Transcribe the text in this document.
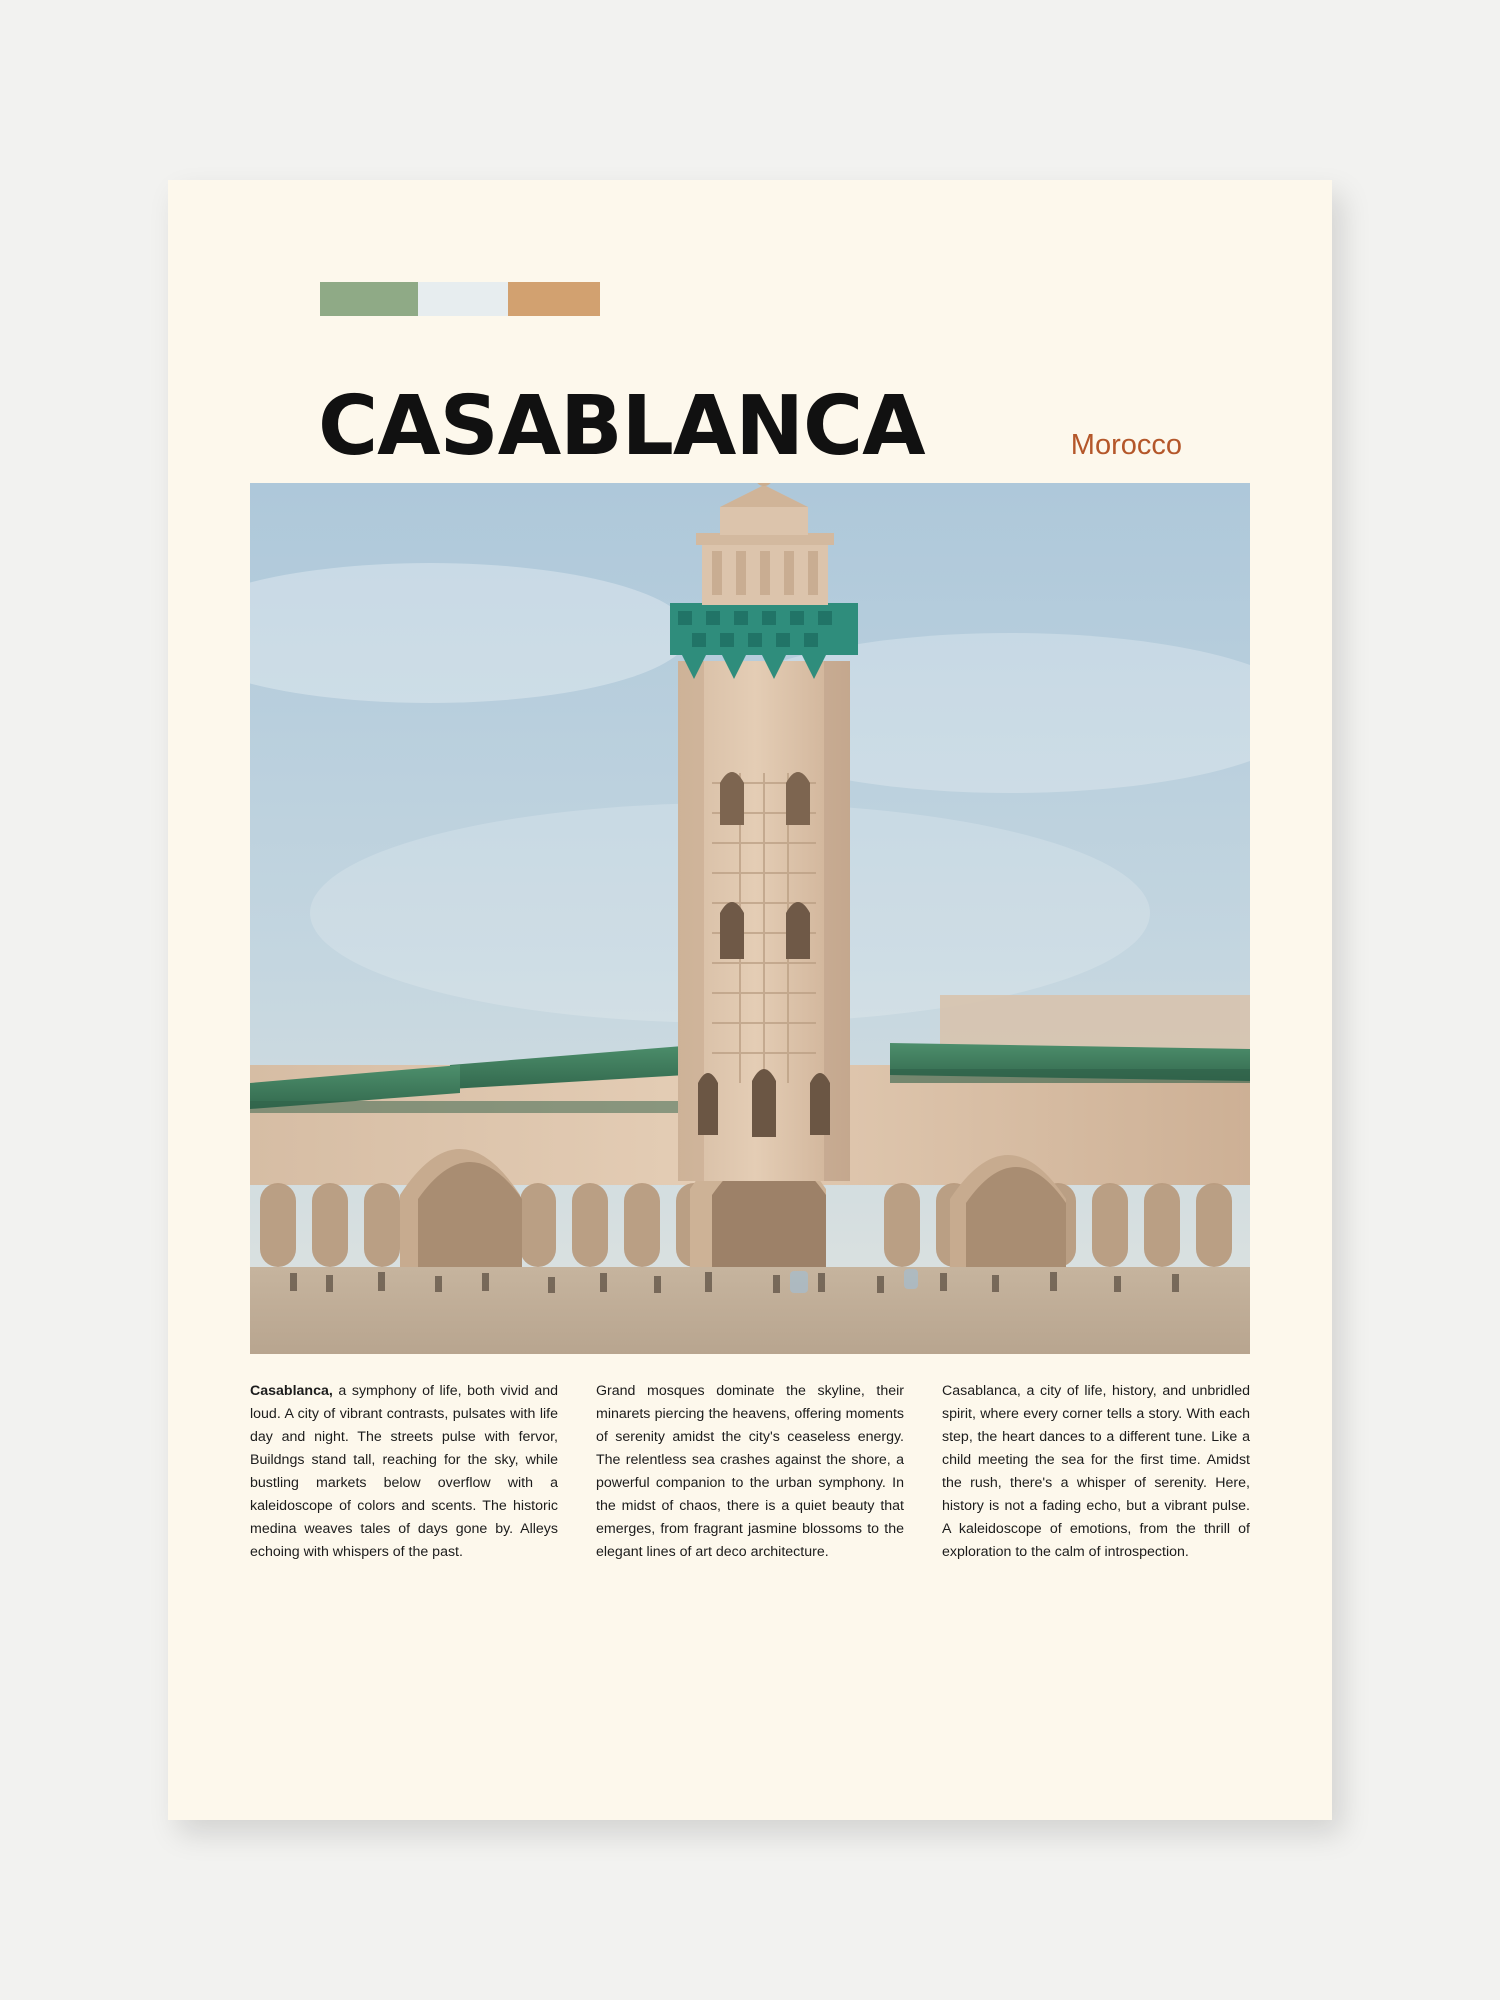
CASABLANCA	Morocco
Casablanca, a symphony of life, both vivid and loud. A city of vibrant contrasts, pulsates with life day and night. The streets pulse with fervor, Buildngs stand tall, reaching for the sky, while bustling markets below overflow with a kaleidoscope of colors and scents. The historic medina weaves tales of days gone by. Alleys echoing with whispers of the past.
Grand mosques dominate the skyline, their minarets piercing the heavens, offering moments of serenity amidst the city's ceaseless energy. The relentless sea crashes against the shore, a powerful companion to the urban symphony. In the midst of chaos, there is a quiet beauty that emerges, from fragrant jasmine blossoms to the elegant lines of art deco architecture.
Casablanca, a city of life, history, and unbridled spirit, where every corner tells a story. With each step, the heart dances to a different tune. Like a child meeting the sea for the first time. Amidst the rush, there's a whisper of serenity. Here, history is not a fading echo, but a vibrant pulse. A kaleidoscope of emotions, from the thrill of exploration to the calm of introspection.
